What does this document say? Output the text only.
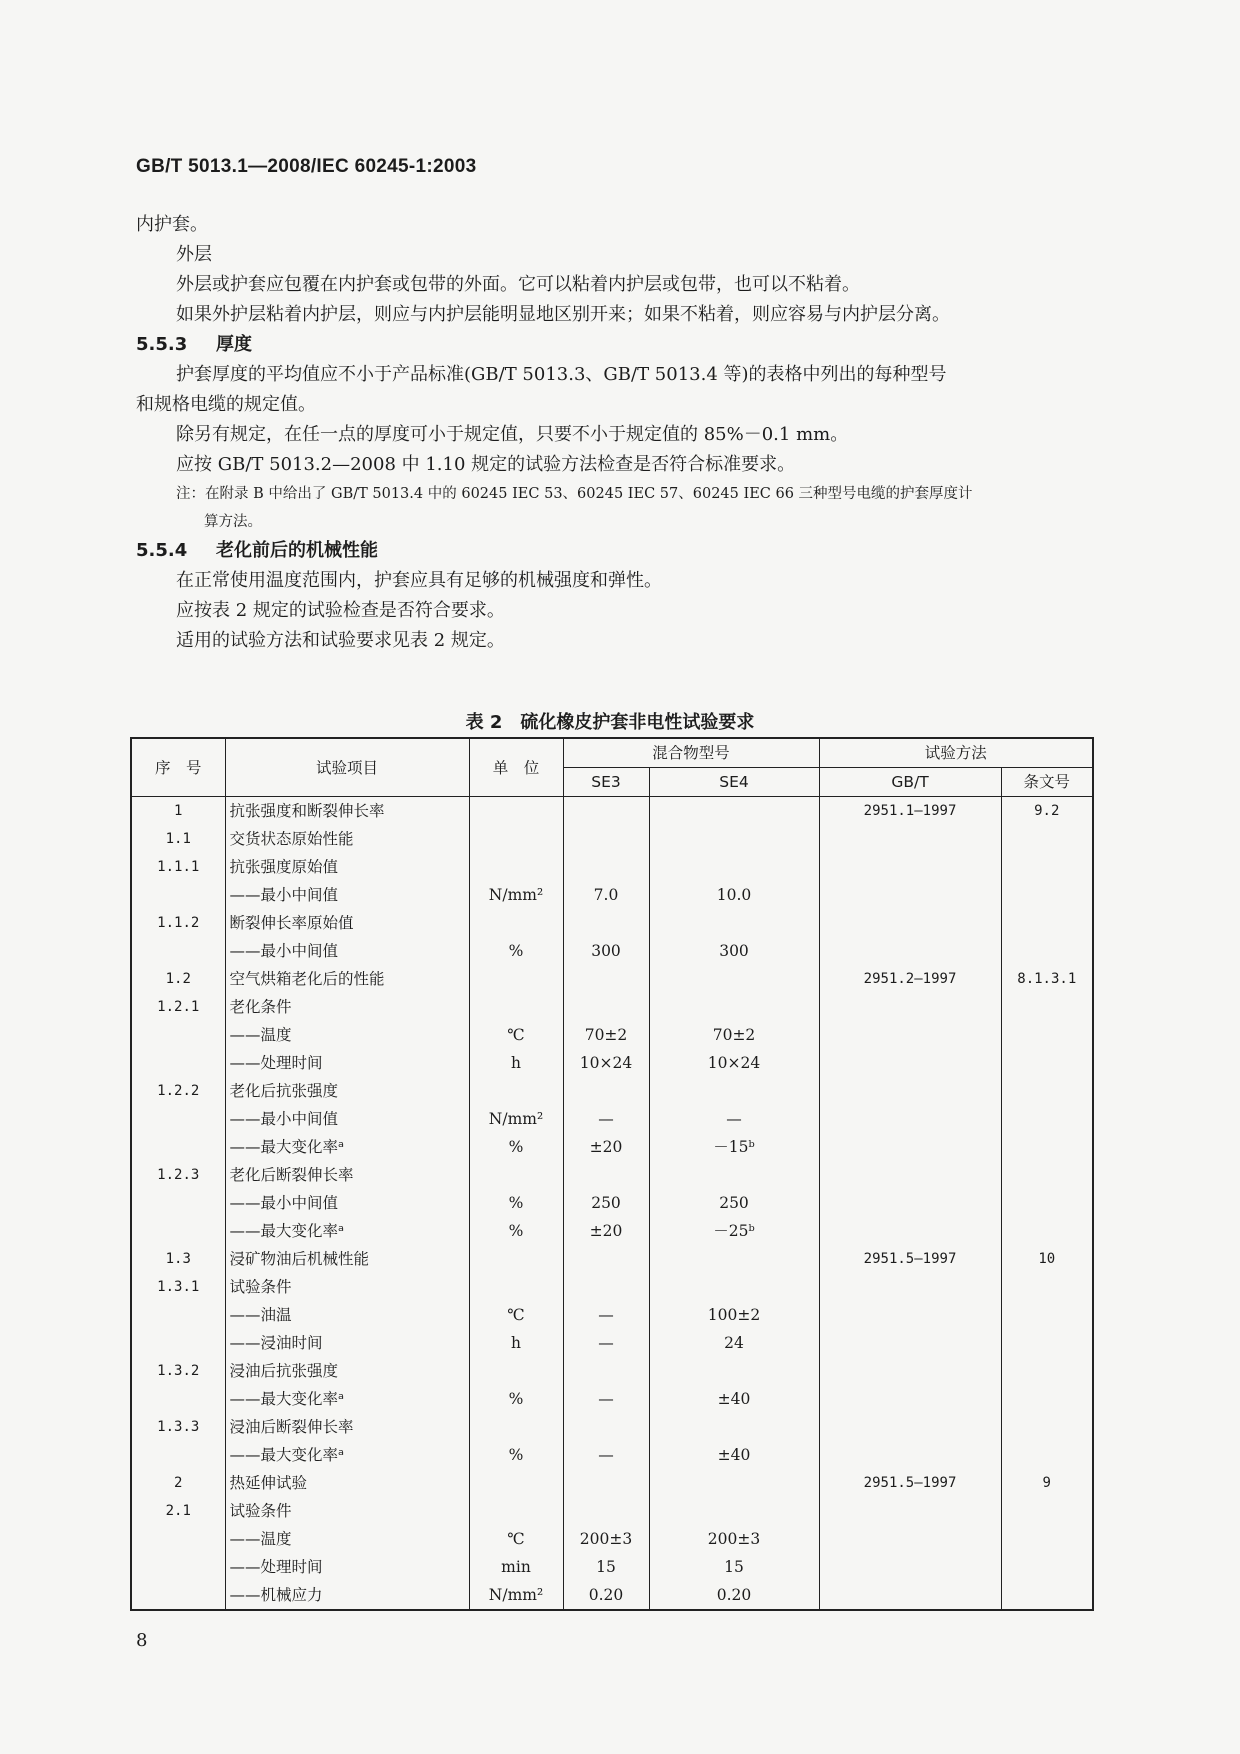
GB/T 5013.1—2008/IEC 60245-1:2003
内护套。
外层
外层或护套应包覆在内护套或包带的外面。它可以粘着内护层或包带，也可以不粘着。
如果外护层粘着内护层，则应与内护层能明显地区别开来；如果不粘着，则应容易与内护层分离。
5.5.3 厚度
护套厚度的平均值应不小于产品标准(GB/T 5013.3、GB/T 5013.4 等)的表格中列出的每种型号
和规格电缆的规定值。
除另有规定，在任一点的厚度可小于规定值，只要不小于规定值的 85%－0.1 mm。
应按 GB/T 5013.2—2008 中 1.10 规定的试验方法检查是否符合标准要求。
注：在附录 B 中给出了 GB/T 5013.4 中的 60245 IEC 53、60245 IEC 57、60245 IEC 66 三种型号电缆的护套厚度计
算方法。
5.5.4 老化前后的机械性能
在正常使用温度范围内，护套应具有足够的机械强度和弹性。
应按表 2 规定的试验检查是否符合要求。
适用的试验方法和试验要求见表 2 规定。
表 2　硫化橡皮护套非电性试验要求
序　号	试验项目	单　位	混合物型号		试验方法	
			SE3	SE4	GB/T	条文号
1	抗张强度和断裂伸长率				2951.1—1997	9.2
1.1	交货状态原始性能					
1.1.1	抗张强度原始值					
	——最小中间值	N/mm²	7.0	10.0		
1.1.2	断裂伸长率原始值					
	——最小中间值	%	300	300		
1.2	空气烘箱老化后的性能				2951.2—1997	8.1.3.1
1.2.1	老化条件					
	——温度	℃	70±2	70±2		
	——处理时间	h	10×24	10×24		
1.2.2	老化后抗张强度					
	——最小中间值	N/mm²	—	—		
	——最大变化率ᵃ	%	±20	－15ᵇ		
1.2.3	老化后断裂伸长率					
	——最小中间值	%	250	250		
	——最大变化率ᵃ	%	±20	－25ᵇ		
1.3	浸矿物油后机械性能				2951.5—1997	10
1.3.1	试验条件					
	——油温	℃	—	100±2		
	——浸油时间	h	—	24		
1.3.2	浸油后抗张强度					
	——最大变化率ᵃ	%	—	±40		
1.3.3	浸油后断裂伸长率					
	——最大变化率ᵃ	%	—	±40		
2	热延伸试验				2951.5—1997	9
2.1	试验条件					
	——温度	℃	200±3	200±3		
	——处理时间	min	15	15		
	——机械应力	N/mm²	0.20	0.20		
8
